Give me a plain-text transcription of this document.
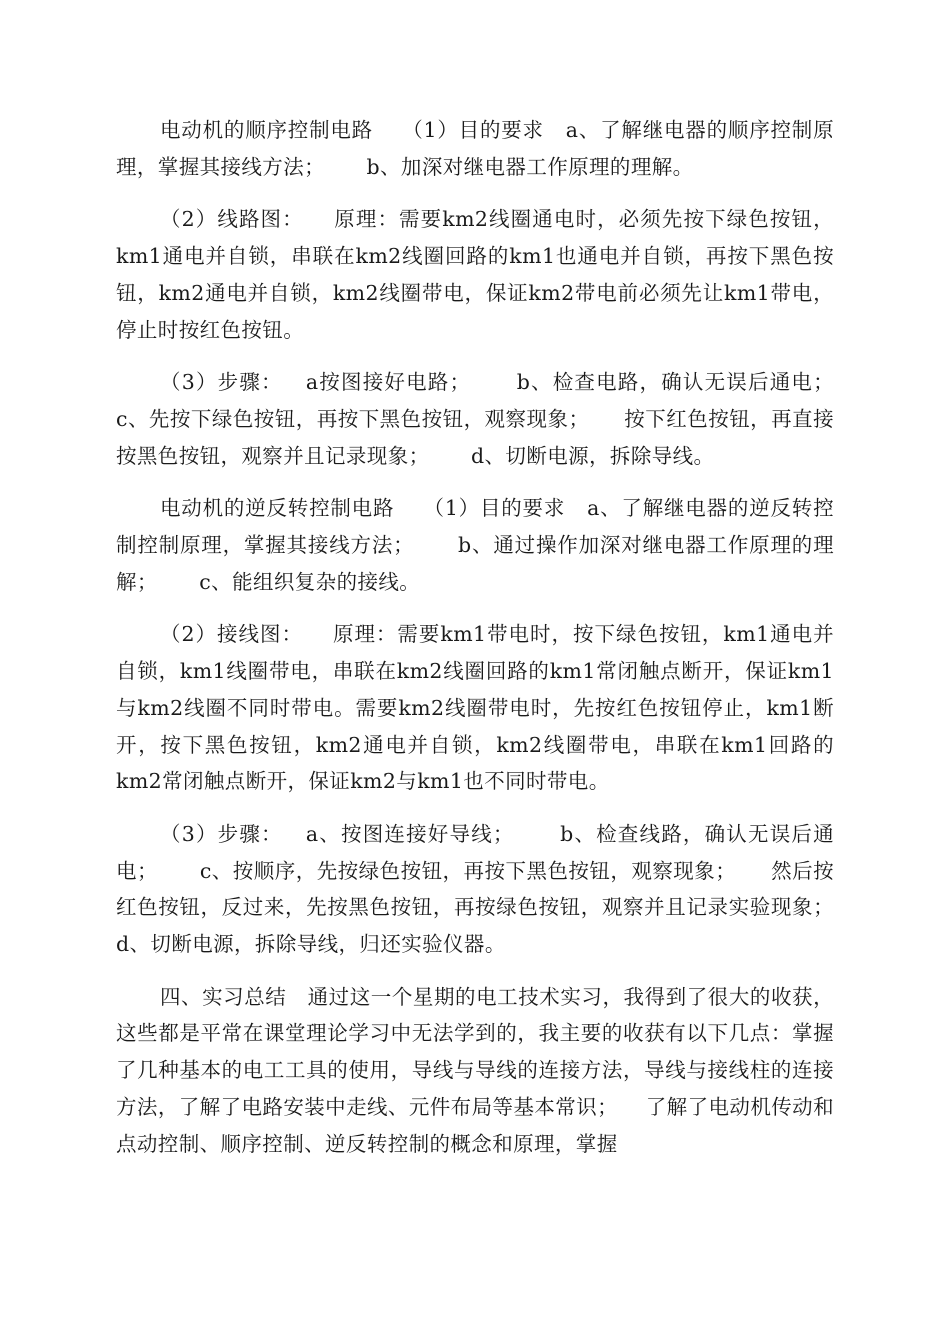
电动机的顺序控制电路    （1）目的要求   a、了解继电器的顺序控制原理，掌握其接线方法；      b、加深对继电器工作原理的理解。

（2）线路图：    原理：需要km2线圈通电时，必须先按下绿色按钮，km1通电并自锁，串联在km2线圈回路的km1也通电并自锁，再按下黑色按钮，km2通电并自锁，km2线圈带电，保证km2带电前必须先让km1带电，停止时按红色按钮。

（3）步骤：   a按图接好电路；      b、检查电路，确认无误后通电；      c、先按下绿色按钮，再按下黑色按钮，观察现象；     按下红色按钮，再直接按黑色按钮，观察并且记录现象；      d、切断电源，拆除导线。

电动机的逆反转控制电路    （1）目的要求   a、了解继电器的逆反转控制控制原理，掌握其接线方法；      b、通过操作加深对继电器工作原理的理解；      c、能组织复杂的接线。

（2）接线图：    原理：需要km1带电时，按下绿色按钮，km1通电并自锁，km1线圈带电，串联在km2线圈回路的km1常闭触点断开，保证km1与km2线圈不同时带电。需要km2线圈带电时，先按红色按钮停止，km1断开，按下黑色按钮，km2通电并自锁，km2线圈带电，串联在km1回路的km2常闭触点断开，保证km2与km1也不同时带电。

（3）步骤：   a、按图连接好导线；      b、检查线路，确认无误后通电；      c、按顺序，先按绿色按钮，再按下黑色按钮，观察现象；     然后按红色按钮，反过来，先按黑色按钮，再按绿色按钮，观察并且记录实验现象；      d、切断电源，拆除导线，归还实验仪器。

四、实习总结   通过这一个星期的电工技术实习，我得到了很大的收获，这些都是平常在课堂理论学习中无法学到的，我主要的收获有以下几点：掌握了几种基本的电工工具的使用，导线与导线的连接方法，导线与接线柱的连接方法，了解了电路安装中走线、元件布局等基本常识；    了解了电动机传动和点动控制、顺序控制、逆反转控制的概念和原理，掌握
